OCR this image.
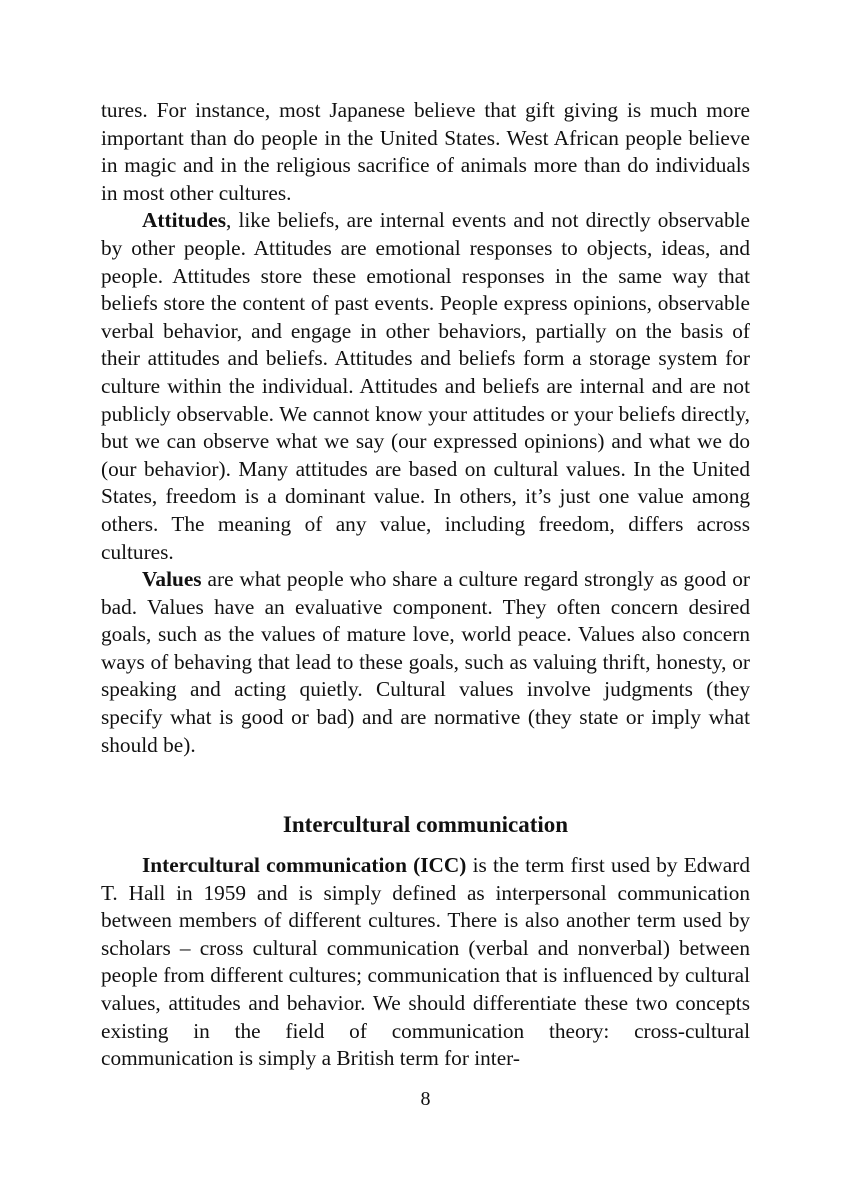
tures. For instance, most Japanese believe that gift giving is much more important than do people in the United States. West African people believe in magic and in the religious sacrifice of animals more than do individuals in most other cultures.

Attitudes, like beliefs, are internal events and not directly observable by other people. Attitudes are emotional responses to objects, ideas, and people. Attitudes store these emotional responses in the same way that beliefs store the content of past events. People express opinions, observable verbal behavior, and engage in other behaviors, partially on the basis of their attitudes and beliefs. Attitudes and beliefs form a storage system for culture within the individual. Attitudes and beliefs are internal and are not publicly observable. We cannot know your attitudes or your beliefs directly, but we can observe what we say (our expressed opinions) and what we do (our behavior). Many attitudes are based on cultural values. In the United States, freedom is a dominant value. In others, it’s just one value among others. The meaning of any value, including freedom, differs across cultures.

Values are what people who share a culture regard strongly as good or bad. Values have an evaluative component. They often concern desired goals, such as the values of mature love, world peace. Values also concern ways of behaving that lead to these goals, such as valuing thrift, honesty, or speaking and acting quietly. Cultural values involve judgments (they specify what is good or bad) and are normative (they state or imply what should be).

Intercultural communication

Intercultural communication (ICC) is the term first used by Edward T. Hall in 1959 and is simply defined as interpersonal communication between members of different cultures. There is also another term used by scholars – cross cultural communication (verbal and nonverbal) between people from different cultures; communication that is influenced by cultural values, attitudes and behavior. We should differentiate these two concepts existing in the field of communication theory: cross-cultural communication is simply a British term for inter-

8
